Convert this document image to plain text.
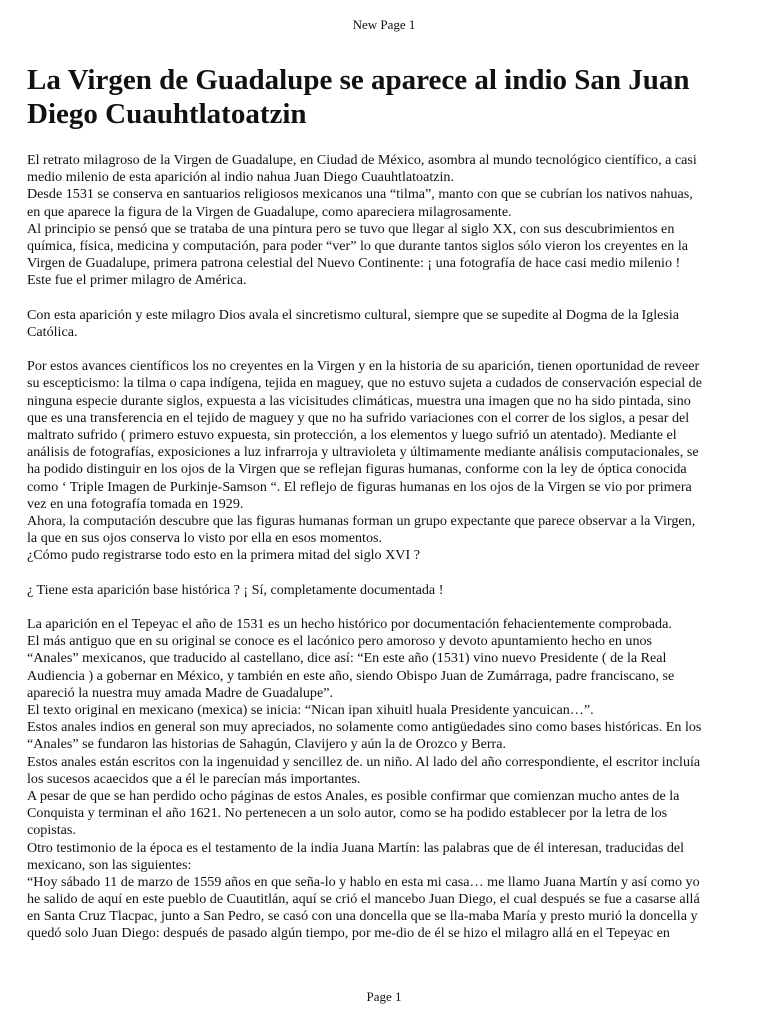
New Page 1
La Virgen de Guadalupe se aparece al indio San Juan
Diego Cuauhtlatoatzin
El retrato milagroso de la Virgen de Guadalupe, en Ciudad de México, asombra al mundo tecnológico científico, a casi
medio milenio de esta aparición al indio nahua Juan Diego Cuauhtlatoatzin.
Desde 1531 se conserva en santuarios religiosos mexicanos una “tilma”, manto con que se cubrían los nativos nahuas,
en que aparece la figura de la Virgen de Guadalupe, como apareciera milagrosamente.
Al principio se pensó que se trataba de una pintura pero se tuvo que llegar al siglo XX, con sus descubrimientos en
química, física, medicina y computación, para poder “ver” lo que durante tantos siglos sólo vieron los creyentes en la
Virgen de Guadalupe, primera patrona celestial del Nuevo Continente: ¡ una fotografía de hace casi medio milenio !
Este fue el primer milagro de América.
Con esta aparición y este milagro Dios avala el sincretismo cultural, siempre que se supedite al Dogma de la Iglesia
Católica.
Por estos avances científicos los no creyentes en la Virgen y en la historia de su aparición, tienen oportunidad de reveer
su escepticismo: la tilma o capa indígena, tejida en maguey, que no estuvo sujeta a cudados de conservación especial de
ninguna especie durante siglos, expuesta a las vicisitudes climáticas, muestra una imagen que no ha sido pintada, sino
que es una transferencia en el tejido de maguey y que no ha sufrido variaciones con el correr de los siglos, a pesar del
maltrato sufrido ( primero estuvo expuesta, sin protección, a los elementos y luego sufrió un atentado). Mediante el
análisis de fotografías, exposiciones a luz infrarroja y ultravioleta y últimamente mediante análisis computacionales, se
ha podido distinguir en los ojos de la Virgen que se reflejan figuras humanas, conforme con la ley de óptica conocida
como ‘ Triple Imagen de Purkinje-Samson “. El reflejo de figuras humanas en los ojos de la Virgen se vio por primera
vez en una fotografía tomada en 1929.
Ahora, la computación descubre que las figuras humanas forman un grupo expectante que parece observar a la Virgen,
la que en sus ojos conserva lo visto por ella en esos momentos.
¿Cómo pudo registrarse todo esto en la primera mitad del siglo XVI ?
¿ Tiene esta aparición base histórica ? ¡ Sí, completamente documentada !
La aparición en el Tepeyac el año de 1531 es un hecho histórico por documentación fehacientemente comprobada.
El más antiguo que en su original se conoce es el lacónico pero amoroso y devoto apuntamiento hecho en unos
“Anales” mexicanos, que traducido al castellano, dice así: “En este año (1531) vino nuevo Presidente ( de la Real
Audiencia ) a gobernar en México, y también en este año, siendo Obispo Juan de Zumárraga, padre franciscano, se
apareció la nuestra muy amada Madre de Guadalupe”.
El texto original en mexicano (mexica) se inicia: “Nican ipan xihuitl huala Presidente yancuican…”.
Estos anales indios en general son muy apreciados, no solamente como antigüedades sino como bases históricas. En los
“Anales” se fundaron las historias de Sahagún, Clavijero y aún la de Orozco y Berra.
Estos anales están escritos con la ingenuidad y sencillez de. un niño. Al lado del año correspondiente, el escritor incluía
los sucesos acaecidos que a él le parecían más importantes.
A pesar de que se han perdido ocho páginas de estos Anales, es posible confirmar que comienzan mucho antes de la
Conquista y terminan el año 1621. No pertenecen a un solo autor, como se ha podido establecer por la letra de los
copistas.
Otro testimonio de la época es el testamento de la india Juana Martín: las palabras que de él interesan, traducidas del
mexicano, son las siguientes:
“Hoy sábado 11 de marzo de 1559 años en que seña-lo y hablo en esta mi casa… me llamo Juana Martín y así como yo
he salido de aquí en este pueblo de Cuautitlán, aquí se crió el mancebo Juan Diego, el cual después se fue a casarse allá
en Santa Cruz Tlacpac, junto a San Pedro, se casó con una doncella que se lla-maba María y presto murió la doncella y
quedó solo Juan Diego: después de pasado algún tiempo, por me-dio de él se hizo el milagro allá en el Tepeyac en
Page 1
